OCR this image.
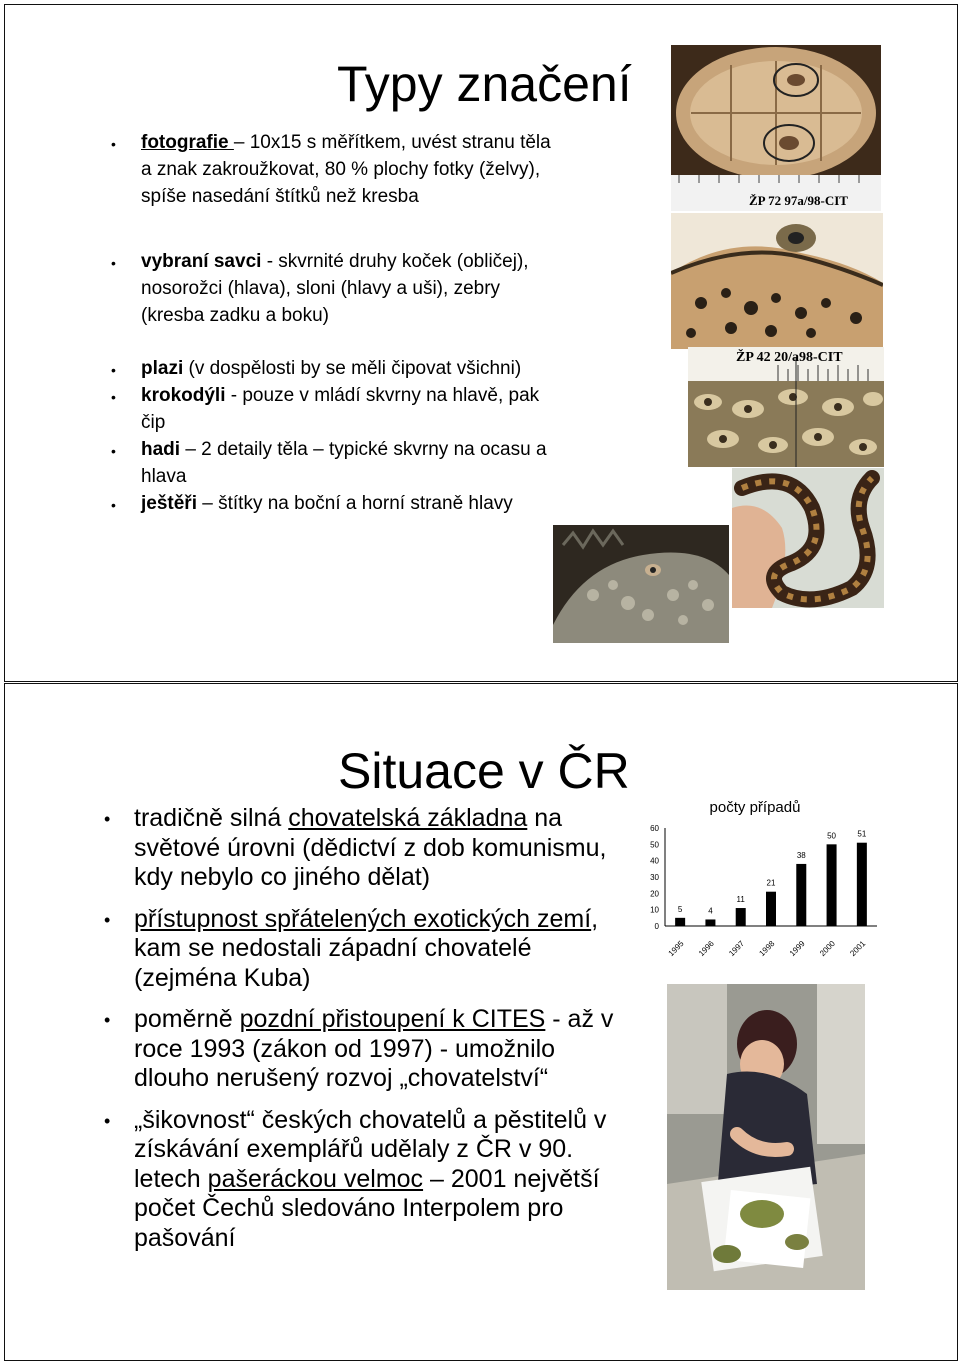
Typy značení
• fotografie – 10x15 s měřítkem, uvést stranu těla
a znak zakroužkovat, 80 % plochy fotky (želvy),
spíše nasedání štítků než kresba
• vybraní savci - skvrnité druhy koček (obličej),
nosorožci (hlava), sloni (hlavy a uši), zebry
(kresba zadku a boku)
• plazi (v dospělosti by se měli čipovat všichni)
• krokodýli - pouze v mládí skvrny na hlavě, pak
čip
• hadi – 2 detaily těla – typické skvrny na ocasu a
hlava
• ještěři – štítky na boční a horní straně hlavy
ŽP 72 97a/98-CIT
ŽP 42 20/a98-CIT
Situace v ČR
• tradičně silná chovatelská základna na
světové úrovni (dědictví z dob komunismu,
kdy nebylo co jiného dělat)
• přístupnost spřátelených exotických zemí,
kam se nedostali západní chovatelé
(zejména Kuba)
• poměrně pozdní přistoupení k CITES - až v
roce 1993 (zákon od 1997) - umožnilo
dlouho nerušený rozvoj „chovatelství“
• „šikovnost“ českých chovatelů a pěstitelů v
získávání exemplářů udělaly z ČR v 90.
letech pašeráckou velmoc – 2001 největší
počet Čechů sledováno Interpolem pro
pašování
počty případů
0
10
20
30
40
50
60
5
1995
4
1996
11
1997
21
1998
38
1999
50
2000
51
2001
